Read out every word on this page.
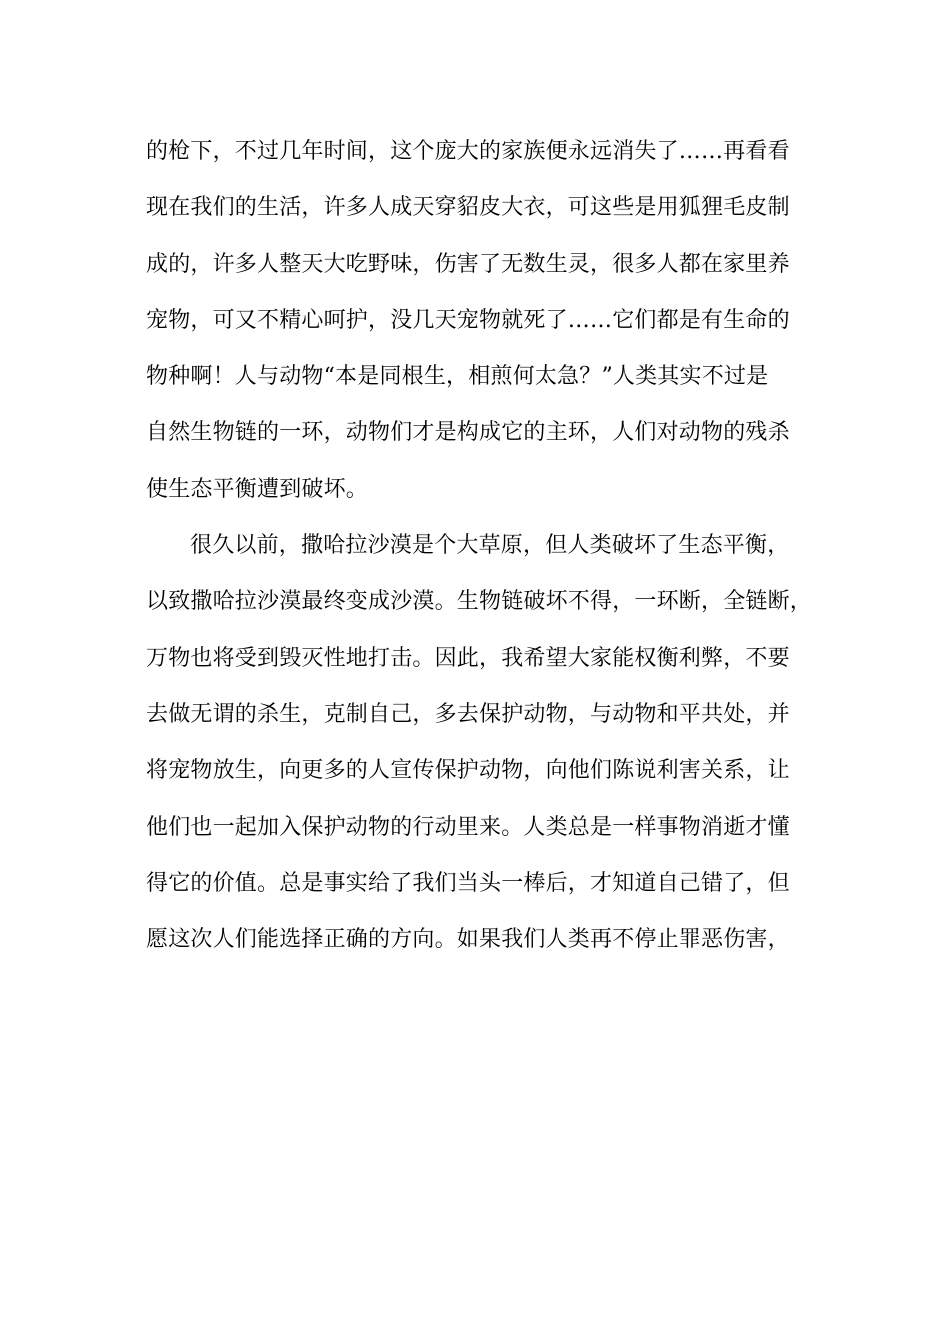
的枪下，不过几年时间，这个庞大的家族便永远消失了……再看看
现在我们的生活，许多人成天穿貂皮大衣，可这些是用狐狸毛皮制
成的，许多人整天大吃野味，伤害了无数生灵，很多人都在家里养
宠物，可又不精心呵护，没几天宠物就死了……它们都是有生命的
物种啊！人与动物“本是同根生，相煎何太急？”人类其实不过是
自然生物链的一环，动物们才是构成它的主环，人们对动物的残杀
使生态平衡遭到破坏。
很久以前，撒哈拉沙漠是个大草原，但人类破坏了生态平衡，
以致撒哈拉沙漠最终变成沙漠。生物链破坏不得，一环断，全链断，
万物也将受到毁灭性地打击。因此，我希望大家能权衡利弊，不要
去做无谓的杀生，克制自己，多去保护动物，与动物和平共处，并
将宠物放生，向更多的人宣传保护动物，向他们陈说利害关系，让
他们也一起加入保护动物的行动里来。人类总是一样事物消逝才懂
得它的价值。总是事实给了我们当头一棒后，才知道自己错了，但
愿这次人们能选择正确的方向。如果我们人类再不停止罪恶伤害，
